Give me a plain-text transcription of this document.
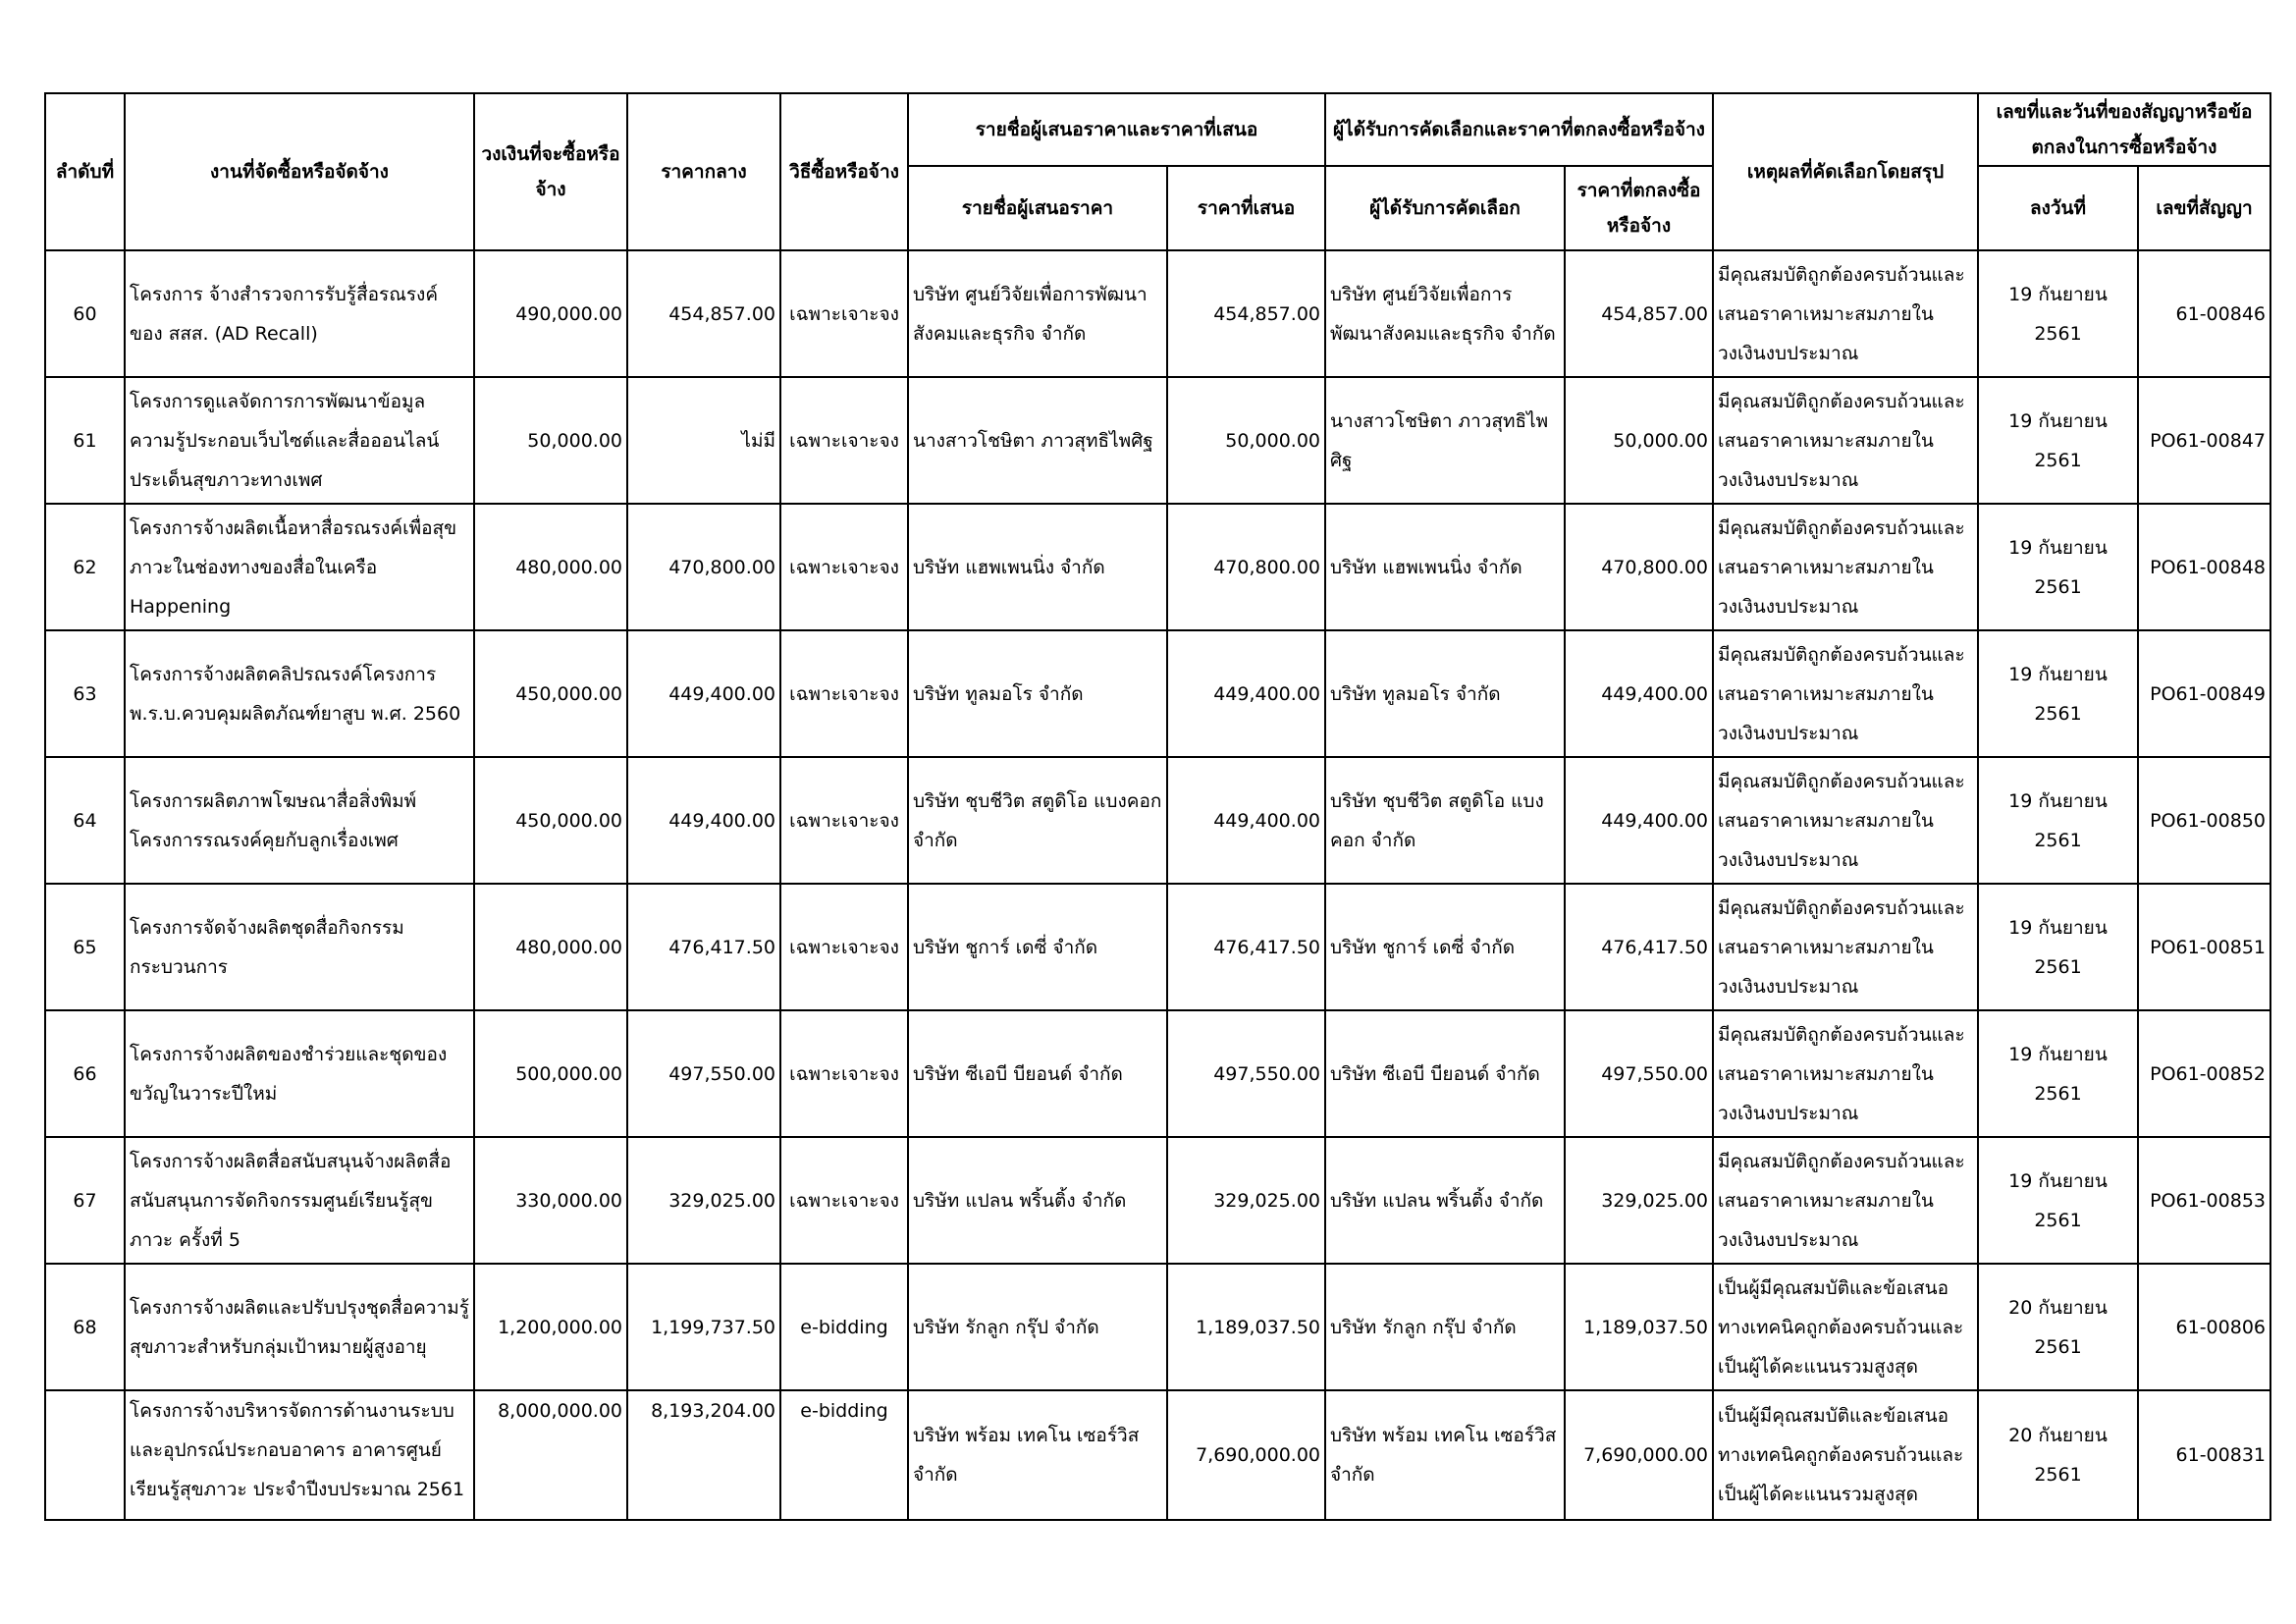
ลำดับที่	งานที่จัดซื้อหรือจัดจ้าง	วงเงินที่จะซื้อหรือจ้าง	ราคากลาง	วิธีซื้อหรือจ้าง	รายชื่อผู้เสนอราคาและราคาที่เสนอ		ผู้ได้รับการคัดเลือกและราคาที่ตกลงซื้อหรือจ้าง		เหตุผลที่คัดเลือกโดยสรุป	เลขที่และวันที่ของสัญญาหรือข้อตกลงในการซื้อหรือจ้าง	
					รายชื่อผู้เสนอราคา	ราคาที่เสนอ	ผู้ได้รับการคัดเลือก	ราคาที่ตกลงซื้อหรือจ้าง		ลงวันที่	เลขที่สัญญา
60	โครงการ จ้างสำรวจการรับรู้สื่อรณรงค์ของ สสส. (AD Recall)	490,000.00	454,857.00	เฉพาะเจาะจง	บริษัท ศูนย์วิจัยเพื่อการพัฒนาสังคมและธุรกิจ จำกัด	454,857.00	บริษัท ศูนย์วิจัยเพื่อการพัฒนาสังคมและธุรกิจ จำกัด	454,857.00	มีคุณสมบัติถูกต้องครบถ้วนและเสนอราคาเหมาะสมภายในวงเงินงบประมาณ	19 กันยายน 2561	61-00846
61	โครงการดูแลจัดการการพัฒนาข้อมูลความรู้ประกอบเว็บไซต์และสื่อออนไลน์ประเด็นสุขภาวะทางเพศ	50,000.00	ไม่มี	เฉพาะเจาะจง	นางสาวโชษิตา ภาวสุทธิไพศิฐ	50,000.00	นางสาวโชษิตา ภาวสุทธิไพศิฐ	50,000.00	มีคุณสมบัติถูกต้องครบถ้วนและเสนอราคาเหมาะสมภายในวงเงินงบประมาณ	19 กันยายน 2561	PO61-00847
62	โครงการจ้างผลิตเนื้อหาสื่อรณรงค์เพื่อสุขภาวะในช่องทางของสื่อในเครือ Happening	480,000.00	470,800.00	เฉพาะเจาะจง	บริษัท แฮพเพนนิ่ง จำกัด	470,800.00	บริษัท แฮพเพนนิ่ง จำกัด	470,800.00	มีคุณสมบัติถูกต้องครบถ้วนและเสนอราคาเหมาะสมภายในวงเงินงบประมาณ	19 กันยายน 2561	PO61-00848
63	โครงการจ้างผลิตคลิปรณรงค์โครงการ พ.ร.บ.ควบคุมผลิตภัณฑ์ยาสูบ พ.ศ. 2560	450,000.00	449,400.00	เฉพาะเจาะจง	บริษัท ทูลมอโร จำกัด	449,400.00	บริษัท ทูลมอโร จำกัด	449,400.00	มีคุณสมบัติถูกต้องครบถ้วนและเสนอราคาเหมาะสมภายในวงเงินงบประมาณ	19 กันยายน 2561	PO61-00849
64	โครงการผลิตภาพโฆษณาสื่อสิ่งพิมพ์โครงการรณรงค์คุยกับลูกเรื่องเพศ	450,000.00	449,400.00	เฉพาะเจาะจง	บริษัท ชุบชีวิต สตูดิโอ แบงคอก จำกัด	449,400.00	บริษัท ชุบชีวิต สตูดิโอ แบงคอก จำกัด	449,400.00	มีคุณสมบัติถูกต้องครบถ้วนและเสนอราคาเหมาะสมภายในวงเงินงบประมาณ	19 กันยายน 2561	PO61-00850
65	โครงการจัดจ้างผลิตชุดสื่อกิจกรรม กระบวนการ	480,000.00	476,417.50	เฉพาะเจาะจง	บริษัท ชูการ์ เดซี่ จำกัด	476,417.50	บริษัท ชูการ์ เดซี่ จำกัด	476,417.50	มีคุณสมบัติถูกต้องครบถ้วนและเสนอราคาเหมาะสมภายในวงเงินงบประมาณ	19 กันยายน 2561	PO61-00851
66	โครงการจ้างผลิตของชำร่วยและชุดของขวัญในวาระปีใหม่	500,000.00	497,550.00	เฉพาะเจาะจง	บริษัท ซีเอบี บียอนด์ จำกัด	497,550.00	บริษัท ซีเอบี บียอนด์ จำกัด	497,550.00	มีคุณสมบัติถูกต้องครบถ้วนและเสนอราคาเหมาะสมภายในวงเงินงบประมาณ	19 กันยายน 2561	PO61-00852
67	โครงการจ้างผลิตสื่อสนับสนุนจ้างผลิตสื่อสนับสนุนการจัดกิจกรรมศูนย์เรียนรู้สุขภาวะ ครั้งที่ 5	330,000.00	329,025.00	เฉพาะเจาะจง	บริษัท แปลน พริ้นติ้ง จำกัด	329,025.00	บริษัท แปลน พริ้นติ้ง จำกัด	329,025.00	มีคุณสมบัติถูกต้องครบถ้วนและเสนอราคาเหมาะสมภายในวงเงินงบประมาณ	19 กันยายน 2561	PO61-00853
68	โครงการจ้างผลิตและปรับปรุงชุดสื่อความรู้สุขภาวะสำหรับกลุ่มเป้าหมายผู้สูงอายุ	1,200,000.00	1,199,737.50	e-bidding	บริษัท รักลูก กรุ๊ป จำกัด	1,189,037.50	บริษัท รักลูก กรุ๊ป จำกัด	1,189,037.50	เป็นผู้มีคุณสมบัติและข้อเสนอทางเทคนิคถูกต้องครบถ้วนและเป็นผู้ได้คะแนนรวมสูงสุด	20 กันยายน 2561	61-00806
	โครงการจ้างบริหารจัดการด้านงานระบบและอุปกรณ์ประกอบอาคาร อาคารศูนย์เรียนรู้สุขภาวะ ประจำปีงบประมาณ 2561	8,000,000.00	8,193,204.00	e-bidding	บริษัท พร้อม เทคโน เซอร์วิส จำกัด	7,690,000.00	บริษัท พร้อม เทคโน เซอร์วิส จำกัด	7,690,000.00	เป็นผู้มีคุณสมบัติและข้อเสนอทางเทคนิคถูกต้องครบถ้วนและเป็นผู้ได้คะแนนรวมสูงสุด	20 กันยายน 2561	61-00831
